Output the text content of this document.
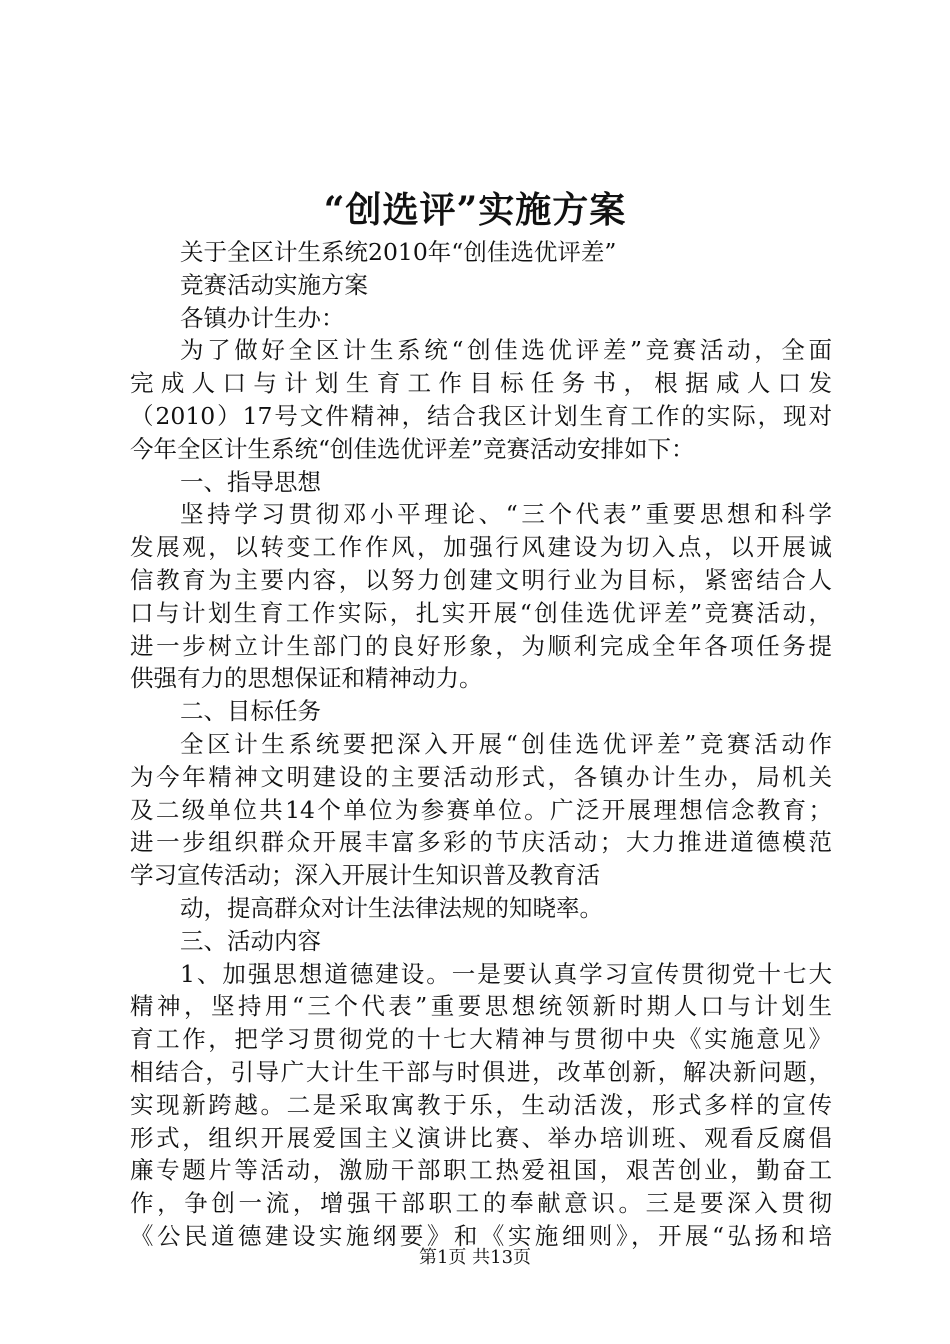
“创选评”实施方案
关于全区计生系统2010年“创佳选优评差”
竞赛活动实施方案
各镇办计生办：
为了做好全区计生系统“创佳选优评差”竞赛活动，全面
完成人口与计划生育工作目标任务书，根据咸人口发
（2010）17号文件精神，结合我区计划生育工作的实际，现对
今年全区计生系统“创佳选优评差”竞赛活动安排如下：
一、指导思想
坚持学习贯彻邓小平理论、“三个代表”重要思想和科学
发展观，以转变工作作风，加强行风建设为切入点，以开展诚
信教育为主要内容，以努力创建文明行业为目标，紧密结合人
口与计划生育工作实际，扎实开展“创佳选优评差”竞赛活动，
进一步树立计生部门的良好形象，为顺利完成全年各项任务提
供强有力的思想保证和精神动力。
二、目标任务
全区计生系统要把深入开展“创佳选优评差”竞赛活动作
为今年精神文明建设的主要活动形式，各镇办计生办，局机关
及二级单位共14个单位为参赛单位。广泛开展理想信念教育；
进一步组织群众开展丰富多彩的节庆活动；大力推进道德模范
学习宣传活动；深入开展计生知识普及教育活
动，提高群众对计生法律法规的知晓率。
三、活动内容
1、加强思想道德建设。一是要认真学习宣传贯彻党十七大
精神，坚持用“三个代表”重要思想统领新时期人口与计划生
育工作，把学习贯彻党的十七大精神与贯彻中央《实施意见》
相结合，引导广大计生干部与时俱进，改革创新，解决新问题，
实现新跨越。二是采取寓教于乐，生动活泼，形式多样的宣传
形式，组织开展爱国主义演讲比赛、举办培训班、观看反腐倡
廉专题片等活动，激励干部职工热爱祖国，艰苦创业，勤奋工
作，争创一流，增强干部职工的奉献意识。三是要深入贯彻
《公民道德建设实施纲要》和《实施细则》，开展“弘扬和培
第1页 共13页
